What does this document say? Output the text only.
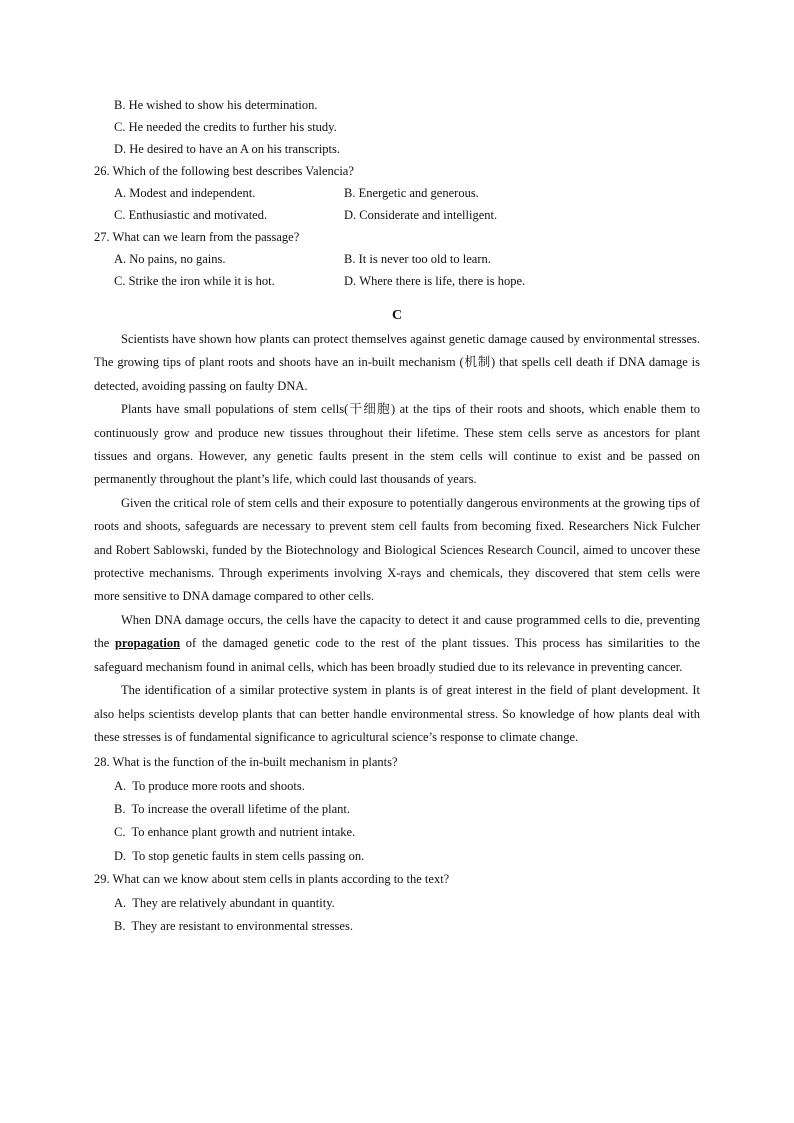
B. He wished to show his determination.
C. He needed the credits to further his study.
D. He desired to have an A on his transcripts.
26. Which of the following best describes Valencia?
A. Modest and independent.	B. Energetic and generous.
C. Enthusiastic and motivated.	D. Considerate and intelligent.
27. What can we learn from the passage?
A. No pains, no gains.	B. It is never too old to learn.
C. Strike the iron while it is hot.	D. Where there is life, there is hope.
C

Scientists have shown how plants can protect themselves against genetic damage caused by environmental stresses. The growing tips of plant roots and shoots have an in-built mechanism (机制) that spells cell death if DNA damage is detected, avoiding passing on faulty DNA.

Plants have small populations of stem cells(干细胞) at the tips of their roots and shoots, which enable them to continuously grow and produce new tissues throughout their lifetime. These stem cells serve as ancestors for plant tissues and organs. However, any genetic faults present in the stem cells will continue to exist and be passed on permanently throughout the plant’s life, which could last thousands of years.

Given the critical role of stem cells and their exposure to potentially dangerous environments at the growing tips of roots and shoots, safeguards are necessary to prevent stem cell faults from becoming fixed. Researchers Nick Fulcher and Robert Sablowski, funded by the Biotechnology and Biological Sciences Research Council, aimed to uncover these protective mechanisms. Through experiments involving X-rays and chemicals, they discovered that stem cells were more sensitive to DNA damage compared to other cells.

When DNA damage occurs, the cells have the capacity to detect it and cause programmed cells to die, preventing the propagation of the damaged genetic code to the rest of the plant tissues. This process has similarities to the safeguard mechanism found in animal cells, which has been broadly studied due to its relevance in preventing cancer.

The identification of a similar protective system in plants is of great interest in the field of plant development. It also helps scientists develop plants that can better handle environmental stress. So knowledge of how plants deal with these stresses is of fundamental significance to agricultural science’s response to climate change.

28. What is the function of the in-built mechanism in plants?
A. To produce more roots and shoots.
B. To increase the overall lifetime of the plant.
C. To enhance plant growth and nutrient intake.
D. To stop genetic faults in stem cells passing on.
29. What can we know about stem cells in plants according to the text?
A. They are relatively abundant in quantity.
B. They are resistant to environmental stresses.
